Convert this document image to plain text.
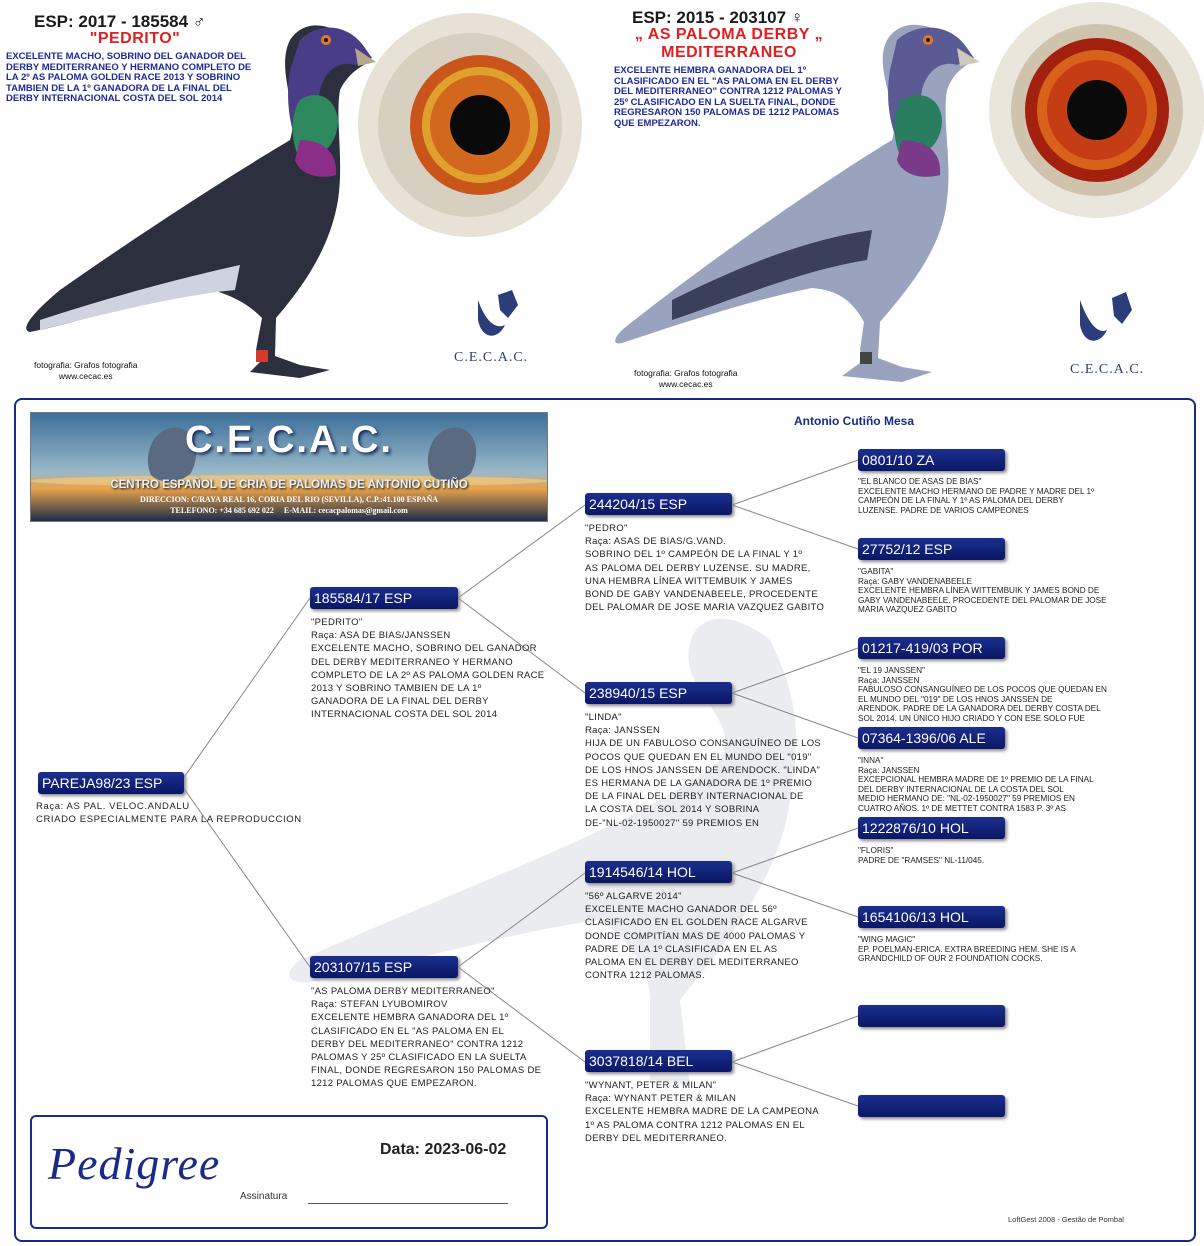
ESP: 2017 - 185584 ♂
"PEDRITO"
EXCELENTE MACHO, SOBRINO DEL GANADOR DEL DERBY MEDITERRANEO Y HERMANO COMPLETO DE LA 2º AS PALOMA GOLDEN RACE 2013 Y SOBRINO TAMBIEN DE LA 1º GANADORA DE LA FINAL DEL DERBY INTERNACIONAL COSTA DEL SOL 2014
fotografia: Grafos fotografia
www.cecac.es
C.E.C.A.C.
ESP: 2015 - 203107 ♀
„ AS PALOMA DERBY „
MEDITERRANEO
EXCELENTE HEMBRA GANADORA DEL 1º CLASIFICADO EN EL "AS PALOMA EN EL DERBY DEL MEDITERRANEO" CONTRA 1212 PALOMAS Y 25º CLASIFICADO EN LA SUELTA FINAL, DONDE REGRESARON 150 PALOMAS DE 1212 PALOMAS QUE EMPEZARON.
fotografia: Grafos fotografia
www.cecac.es
C.E.C.A.C.
C.E.C.A.C.
CENTRO ESPAÑOL DE CRIA DE PALOMAS DE ANTONIO CUTIÑO
DIRECCION: C/RAYA REAL 16, CORIA DEL RIO (SEVILLA), C.P.:41.100 ESPAÑA
TELEFONO: +34 685 692 022     E-MAIL: cecacpalomas@gmail.com
Antonio Cutiño Mesa
PAREJA98/23 ESP
Raça: AS PAL. VELOC.ANDALU
CRIADO ESPECIALMENTE PARA LA REPRODUCCION
185584/17 ESP
"PEDRITO"
Raça: ASA DE BIAS/JANSSEN
EXCELENTE MACHO, SOBRINO DEL GANADOR
DEL DERBY MEDITERRANEO Y HERMANO
COMPLETO DE LA 2º AS PALOMA GOLDEN RACE
2013 Y SOBRINO TAMBIEN DE LA 1º
GANADORA DE LA FINAL DEL DERBY
INTERNACIONAL COSTA DEL SOL 2014
203107/15 ESP
"AS PALOMA DERBY MEDITERRANEO"
Raça: STEFAN LYUBOMIROV
EXCELENTE HEMBRA GANADORA DEL 1º
CLASIFICADO EN EL "AS PALOMA EN EL
DERBY DEL MEDITERRANEO" CONTRA 1212
PALOMAS Y 25º CLASIFICADO EN LA SUELTA
FINAL, DONDE REGRESARON 150 PALOMAS DE
1212 PALOMAS QUE EMPEZARON.
244204/15 ESP
"PEDRO"
Raça: ASAS DE BIAS/G.VAND.
SOBRINO DEL 1º CAMPEÓN DE LA FINAL Y 1º
AS PALOMA DEL DERBY LUZENSE. SU MADRE,
UNA HEMBRA LÍNEA WITTEMBUIK Y JAMES
BOND DE GABY VANDENABEELE, PROCEDENTE
DEL PALOMAR DE JOSE MARIA VAZQUEZ GABITO
238940/15 ESP
"LINDA"
Raça: JANSSEN
HIJA DE UN FABULOSO CONSANGUÍNEO DE LOS
POCOS QUE QUEDAN EN EL MUNDO DEL "019"
DE LOS HNOS JANSSEN DE ARENDOCK. "LINDA"
ES HERMANA DE LA GANADORA DE 1º PREMIO
DE LA FINAL DEL DERBY INTERNACIONAL DE
LA COSTA DEL SOL 2014 Y SOBRINA
DE-"NL-02-1950027" 59 PREMIOS EN
1914546/14 HOL
"56º ALGARVE 2014"
EXCELENTE MACHO GANADOR DEL 56º
CLASIFICADO EN EL GOLDEN RACE ALGARVE
DONDE COMPITÍAN MAS DE 4000 PALOMAS Y
PADRE DE LA 1º CLASIFICADA EN EL AS
PALOMA EN EL DERBY DEL MEDITERRANEO
CONTRA 1212 PALOMAS.
3037818/14 BEL
"WYNANT, PETER & MILAN"
Raça: WYNANT PETER & MILAN
EXCELENTE HEMBRA MADRE DE LA CAMPEONA
1º AS PALOMA CONTRA 1212 PALOMAS EN EL
DERBY DEL MEDITERRANEO.
0801/10 ZA
"EL BLANCO DE ASAS DE BIAS"
EXCELENTE MACHO HERMANO DE PADRE Y MADRE DEL 1º
CAMPEÓN DE LA FINAL Y 1º AS PALOMA DEL DERBY
LUZENSE. PADRE DE VARIOS CAMPEONES
27752/12 ESP
"GABITA"
Raça: GABY VANDENABEELE
EXCELENTE HEMBRA LÍNEA WITTEMBUIK Y JAMES BOND DE
GABY VANDENABEELE. PROCEDENTE DEL PALOMAR DE JOSE
MARIA VAZQUEZ GABITO
01217-419/03 POR
"EL 19 JANSSEN"
Raça: JANSSEN
FABULOSO CONSANGUÍNEO DE LOS POCOS QUE QUEDAN EN
EL MUNDO DEL "019" DE LOS HNOS JANSSEN DE
ARENDOK. PADRE DE LA GANADORA DEL DERBY COSTA DEL
SOL 2014. UN ÚNICO HIJO CRIADO Y CON ESE SOLO FUE
07364-1396/06 ALE
"INNA"
Raça: JANSSEN
EXCEPCIONAL HEMBRA MADRE DE 1º PREMIO DE LA FINAL
DEL DERBY INTERNACIONAL DE LA COSTA DEL SOL
MEDIO HERMANO DE: "NL-02-1950027" 59 PREMIOS EN
CUATRO AÑOS. 1º DE METTET CONTRA 1583 P. 3º AS
1222876/10 HOL
"FLORIS"
PADRE DE "RAMSES" NL-11/045.
1654106/13 HOL
"WING MAGIC"
EP. POELMAN-ERICA. EXTRA BREEDING HEM. SHE IS A
GRANDCHILD OF OUR 2 FOUNDATION COCKS.
Pedigree	Data: 2023-06-02
Assinatura
LoftGest 2008 - Gestão de Pombal
